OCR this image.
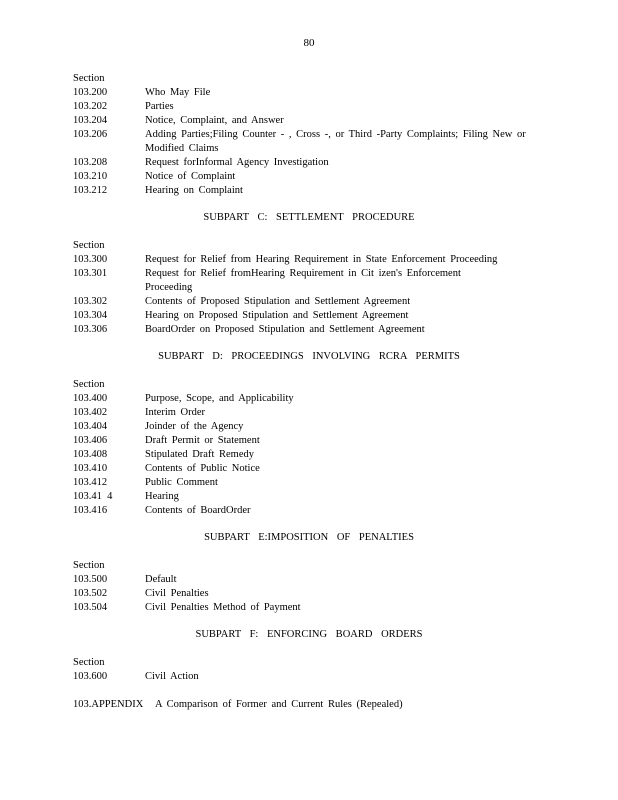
80
Section
103.200	Who May File
103.202	Parties
103.204	Notice, Complaint, and Answer
103.206	Adding Parties;Filing Counter - , Cross -, or Third -Party Complaints; Filing New or Modified Claims
103.208	Request forInformal Agency Investigation
103.210	Notice of Complaint
103.212	Hearing on Complaint
SUBPART C: SETTLEMENT PROCEDURE
Section
103.300	Request for Relief from Hearing Requirement in State Enforcement Proceeding
103.301	Request for Relief fromHearing Requirement in Cit izen's Enforcement Proceeding
103.302	Contents of Proposed Stipulation and Settlement Agreement
103.304	Hearing on Proposed Stipulation and Settlement Agreement
103.306	BoardOrder on Proposed Stipulation and Settlement Agreement
SUBPART D: PROCEEDINGS INVOLVING RCRA PERMITS
Section
103.400	Purpose, Scope, and Applicability
103.402	Interim Order
103.404	Joinder of the Agency
103.406	Draft Permit or Statement
103.408	Stipulated Draft Remedy
103.410	Contents of Public Notice
103.412	Public Comment
103.41  4	Hearing
103.416	Contents of BoardOrder
SUBPART E:IMPOSITION OF PENALTIES
Section
103.500	Default
103.502	Civil Penalties
103.504	Civil Penalties Method of Payment
SUBPART F: ENFORCING BOARD ORDERS
Section
103.600	Civil Action
103.APPENDIX	A Comparison of Former and Current Rules (Repealed)
